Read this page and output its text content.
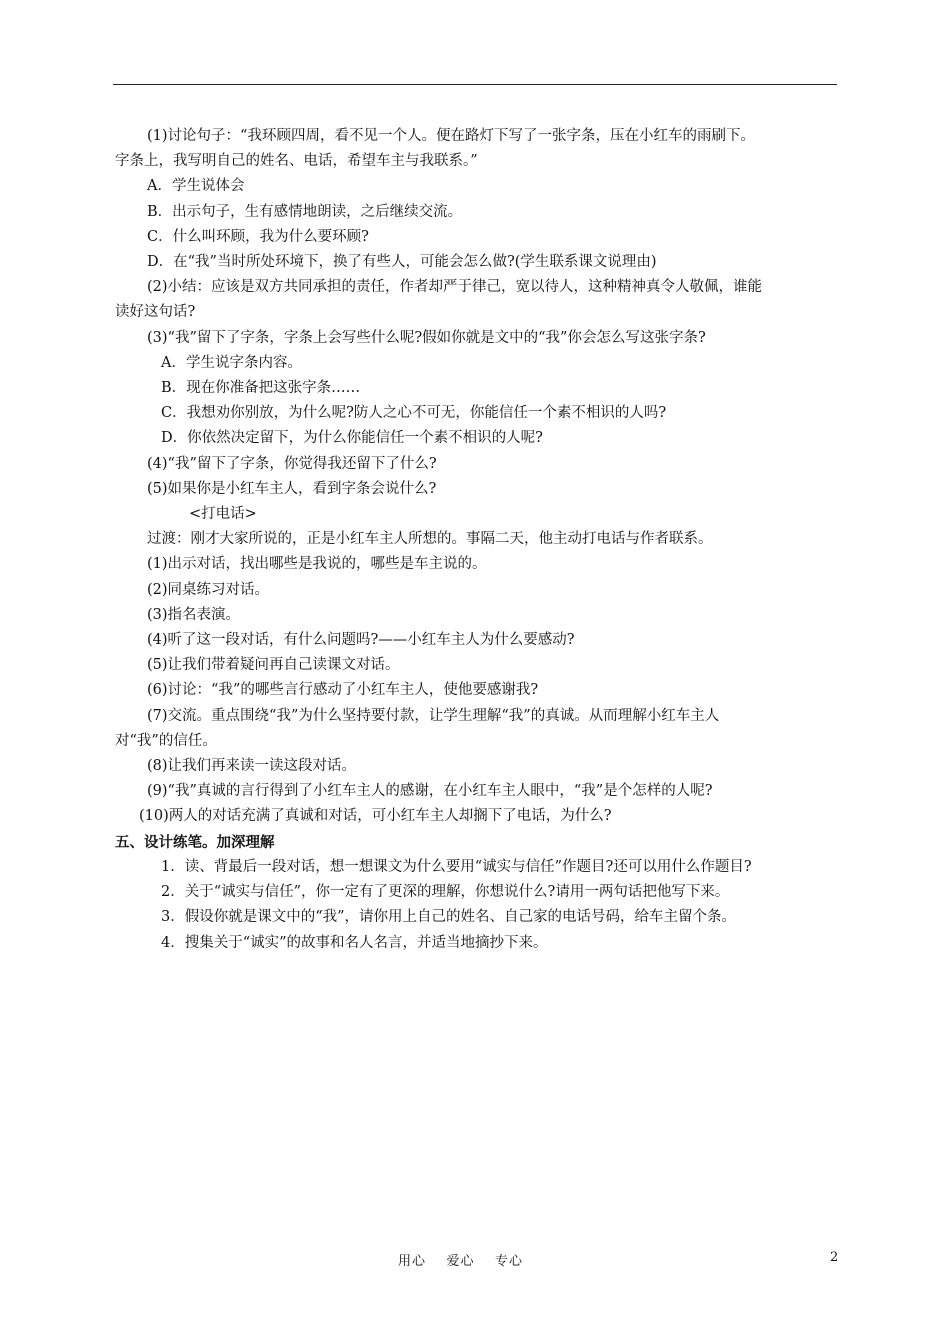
(1)讨论句子：“我环顾四周，看不见一个人。便在路灯下写了一张字条，压在小红车的雨刷下。
字条上，我写明自己的姓名、电话，希望车主与我联系。”
A．学生说体会
B．出示句子，生有感情地朗读，之后继续交流。
C．什么叫环顾，我为什么要环顾?
D．在“我”当时所处环境下，换了有些人，可能会怎么做?(学生联系课文说理由)
(2)小结：应该是双方共同承担的责任，作者却严于律己，宽以待人，这种精神真令人敬佩，谁能
读好这句话?
(3)“我”留下了字条，字条上会写些什么呢?假如你就是文中的“我”你会怎么写这张字条?
A．学生说字条内容。
B．现在你准备把这张字条……
C．我想劝你别放，为什么呢?防人之心不可无，你能信任一个素不相识的人吗?
D．你依然决定留下，为什么你能信任一个素不相识的人呢?
(4)“我”留下了字条，你觉得我还留下了什么?
(5)如果你是小红车主人，看到字条会说什么?
<打电话>
过渡：刚才大家所说的，正是小红车主人所想的。事隔二天，他主动打电话与作者联系。
(1)出示对话，找出哪些是我说的，哪些是车主说的。
(2)同桌练习对话。
(3)指名表演。
(4)听了这一段对话，有什么问题吗?——小红车主人为什么要感动?
(5)让我们带着疑问再自己读课文对话。
(6)讨论：“我”的哪些言行感动了小红车主人，使他要感谢我?
(7)交流。重点围绕“我”为什么坚持要付款，让学生理解“我”的真诚。从而理解小红车主人
对“我”的信任。
(8)让我们再来读一读这段对话。
(9)“我”真诚的言行得到了小红车主人的感谢，在小红车主人眼中，“我”是个怎样的人呢?
(10)两人的对话充满了真诚和对话，可小红车主人却搁下了电话，为什么?
五、设计练笔。加深理解
1．读、背最后一段对话，想一想课文为什么要用“诚实与信任”作题目?还可以用什么作题目?
2．关于“诚实与信任”，你一定有了更深的理解，你想说什么?请用一两句话把他写下来。
3．假设你就是课文中的“我”，请你用上自己的姓名、自己家的电话号码，给车主留个条。
4．搜集关于“诚实”的故事和名人名言，并适当地摘抄下来。
用心    爱心    专心	2
